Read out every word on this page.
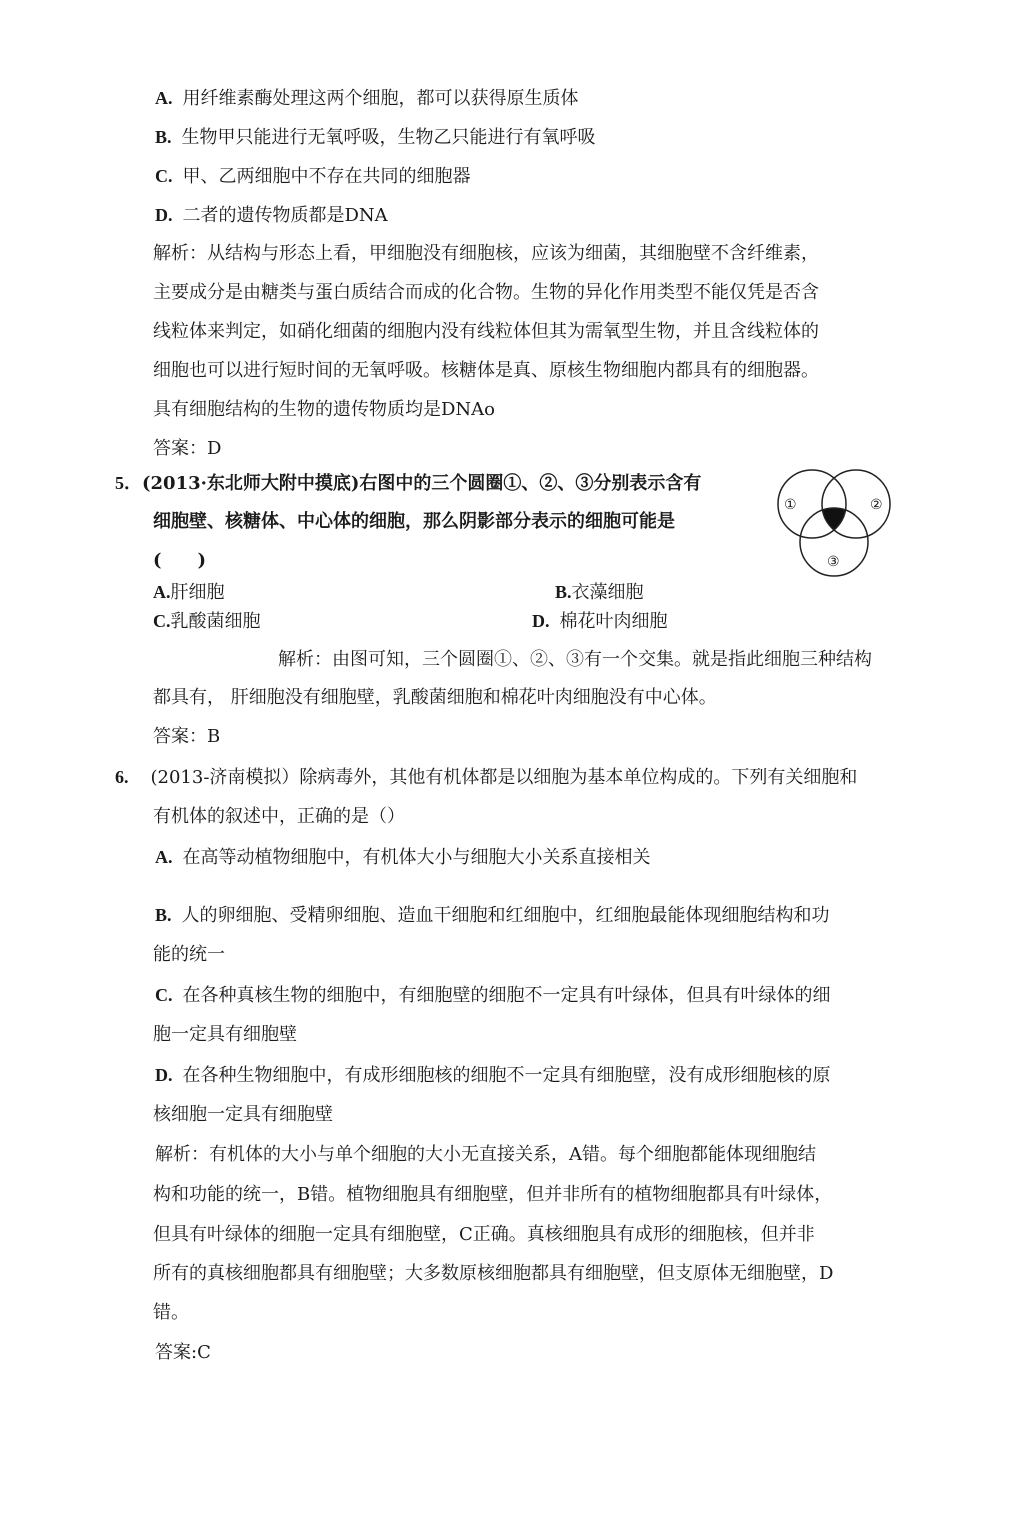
A. 用纤维素酶处理这两个细胞，都可以获得原生质体
B. 生物甲只能进行无氧呼吸，生物乙只能进行有氧呼吸
C. 甲、乙两细胞中不存在共同的细胞器
D. 二者的遗传物质都是DNA
解析：从结构与形态上看，甲细胞没有细胞核，应该为细菌，其细胞壁不含纤维素，
主要成分是由糖类与蛋白质结合而成的化合物。生物的异化作用类型不能仅凭是否含
线粒体来判定，如硝化细菌的细胞内没有线粒体但其为需氧型生物，并且含线粒体的
细胞也可以进行短时间的无氧呼吸。核糖体是真、原核生物细胞内都具有的细胞器。
具有细胞结构的生物的遗传物质均是DNAo
答案：D
5．(2013·东北师大附中摸底)右图中的三个圆圈①、②、③分别表示含有
细胞壁、核糖体、中心体的细胞，那么阴影部分表示的细胞可能是
(　　)
①	②
③
A.肝细胞	B.衣藻细胞
C.乳酸菌细胞	D. 棉花叶肉细胞
解析：由图可知，三个圆圈①、②、③有一个交集。就是指此细胞三种结构
都具有， 肝细胞没有细胞壁，乳酸菌细胞和棉花叶肉细胞没有中心体。
答案：B
6. (2013-济南模拟）除病毒外，其他有机体都是以细胞为基本单位构成的。下列有关细胞和
有机体的叙述中，正确的是（）
A. 在高等动植物细胞中，有机体大小与细胞大小关系直接相关
B. 人的卵细胞、受精卵细胞、造血干细胞和红细胞中，红细胞最能体现细胞结构和功
能的统一
C. 在各种真核生物的细胞中，有细胞壁的细胞不一定具有叶绿体，但具有叶绿体的细
胞一定具有细胞壁
D. 在各种生物细胞中，有成形细胞核的细胞不一定具有细胞壁，没有成形细胞核的原
核细胞一定具有细胞壁
解析：有机体的大小与单个细胞的大小无直接关系，A错。每个细胞都能体现细胞结
构和功能的统一，B错。植物细胞具有细胞壁，但并非所有的植物细胞都具有叶绿体，
但具有叶绿体的细胞一定具有细胞壁，C正确。真核细胞具有成形的细胞核，但并非
所有的真核细胞都具有细胞壁；大多数原核细胞都具有细胞壁，但支原体无细胞壁，D
错。
答案:C
